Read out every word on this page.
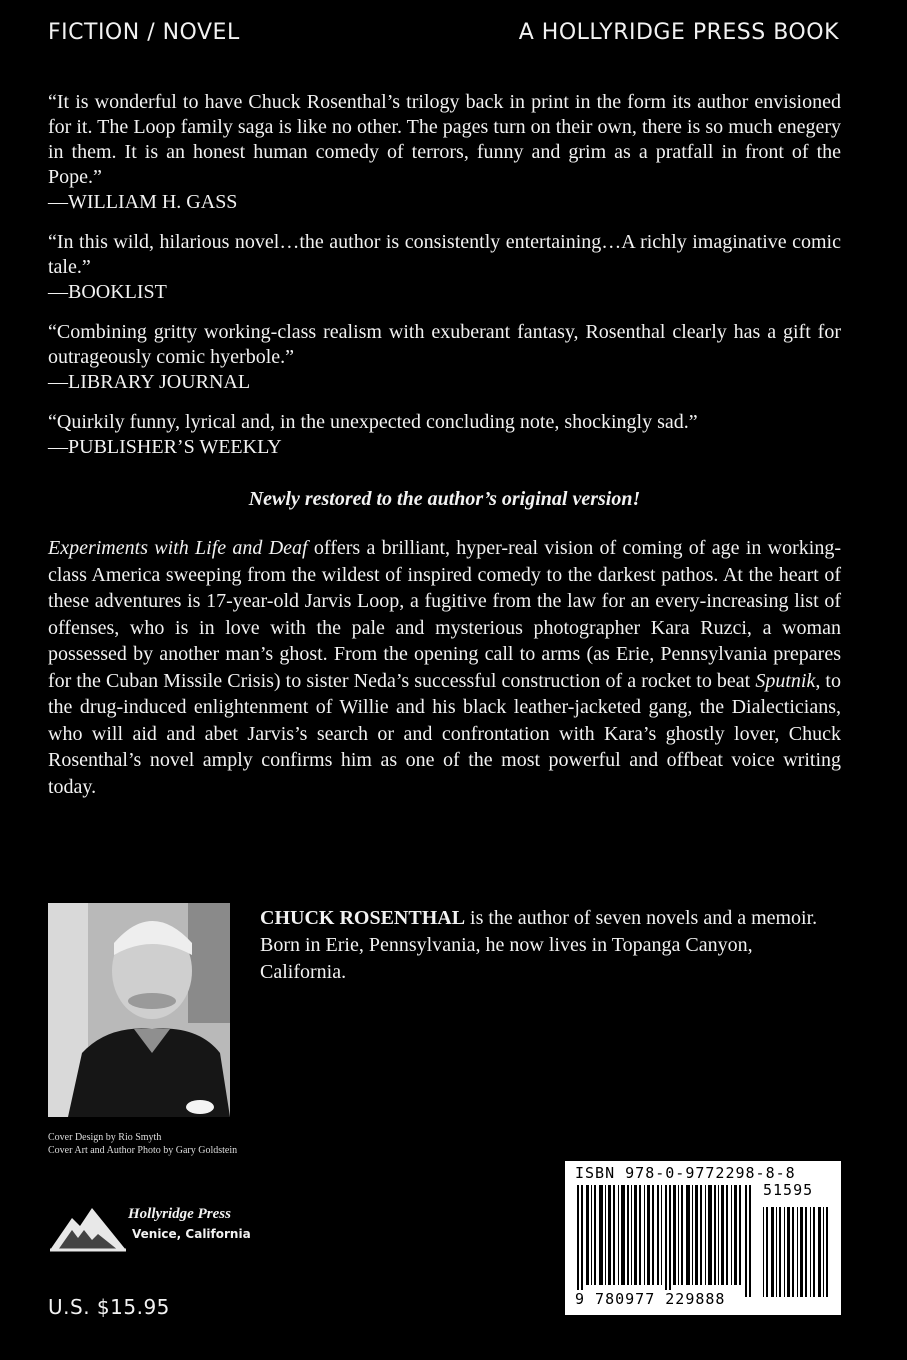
FICTION / NOVEL	A HOLLYRIDGE PRESS BOOK

“It is wonderful to have Chuck Rosenthal’s trilogy back in print in the form its author envisioned for it. The Loop family saga is like no other. The pages turn on their own, there is so much enegery in them. It is an honest human comedy of terrors, funny and grim as a pratfall in front of the Pope.”

—WILLIAM H. GASS

“In this wild, hilarious novel…the author is consistently entertaining…A richly imaginative comic tale.”

—BOOKLIST

“Combining gritty working-class realism with exuberant fantasy, Rosenthal clearly has a gift for outrageously comic hyerbole.”

—LIBRARY JOURNAL

“Quirkily funny, lyrical and, in the unexpected concluding note, shockingly sad.”

—PUBLISHER’S WEEKLY

Newly restored to the author’s original version!

Experiments with Life and Deaf offers a brilliant, hyper-real vision of coming of age in working-class America sweeping from the wildest of inspired comedy to the darkest pathos. At the heart of these adventures is 17-year-old Jarvis Loop, a fugitive from the law for an every-increasing list of offenses, who is in love with the pale and mysterious photographer Kara Ruzci, a woman possessed by another man’s ghost. From the opening call to arms (as Erie, Pennsylvania prepares for the Cuban Missile Crisis) to sister Neda’s successful construction of a rocket to beat Sputnik, to the drug-induced enlightenment of Willie and his black leather-jacketed gang, the Dialecticians, who will aid and abet Jarvis’s search or and confrontation with Kara’s ghostly lover, Chuck Rosenthal’s novel amply confirms him as one of the most powerful and offbeat voice writing today.

CHUCK ROSENTHAL is the author of seven novels and a memoir. Born in Erie, Pennsylvania, he now lives in Topanga Canyon, California.

Cover Design by Rio Smyth
Cover Art and Author Photo by Gary Goldstein
Hollyridge Press
Venice, California
U.S. $15.95
ISBN 978-0-9772298-8-8
51595
9 780977 229888
